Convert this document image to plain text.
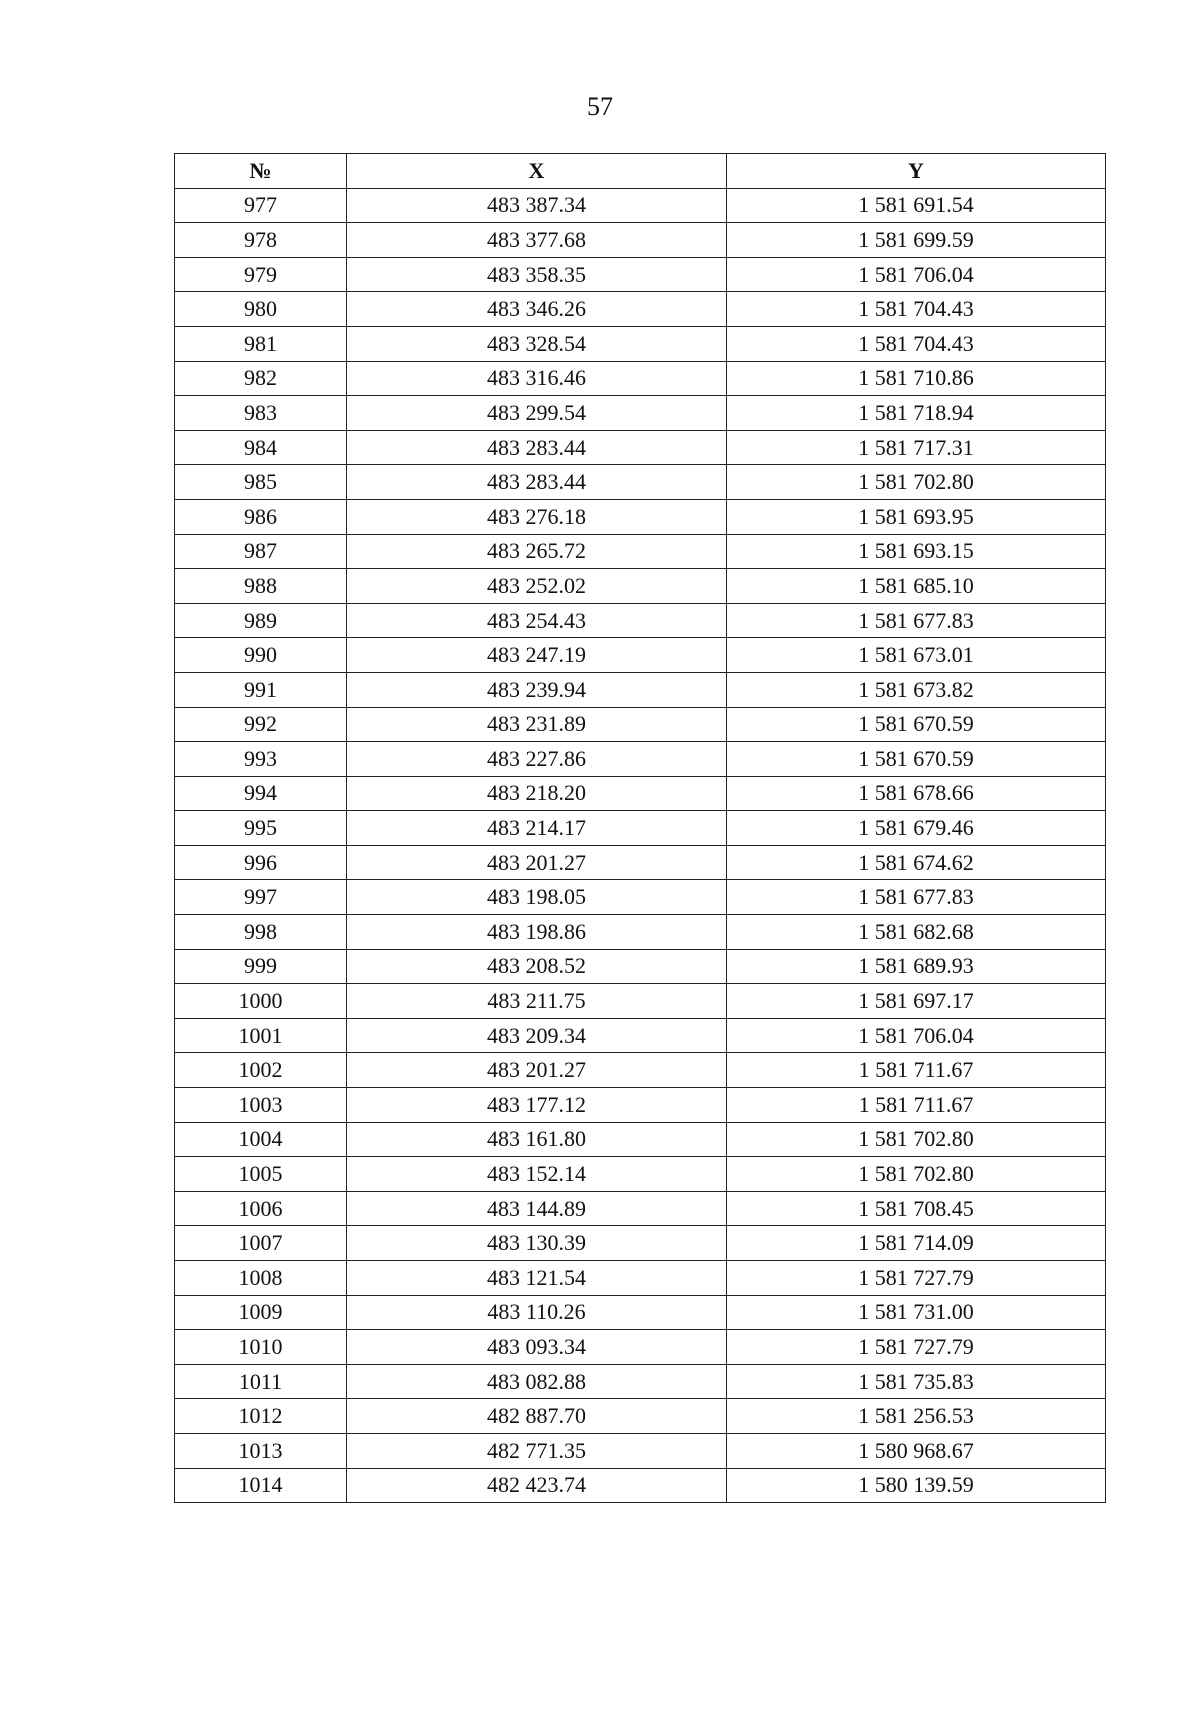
57
№	X	Y
977	483 387.34	1 581 691.54
978	483 377.68	1 581 699.59
979	483 358.35	1 581 706.04
980	483 346.26	1 581 704.43
981	483 328.54	1 581 704.43
982	483 316.46	1 581 710.86
983	483 299.54	1 581 718.94
984	483 283.44	1 581 717.31
985	483 283.44	1 581 702.80
986	483 276.18	1 581 693.95
987	483 265.72	1 581 693.15
988	483 252.02	1 581 685.10
989	483 254.43	1 581 677.83
990	483 247.19	1 581 673.01
991	483 239.94	1 581 673.82
992	483 231.89	1 581 670.59
993	483 227.86	1 581 670.59
994	483 218.20	1 581 678.66
995	483 214.17	1 581 679.46
996	483 201.27	1 581 674.62
997	483 198.05	1 581 677.83
998	483 198.86	1 581 682.68
999	483 208.52	1 581 689.93
1000	483 211.75	1 581 697.17
1001	483 209.34	1 581 706.04
1002	483 201.27	1 581 711.67
1003	483 177.12	1 581 711.67
1004	483 161.80	1 581 702.80
1005	483 152.14	1 581 702.80
1006	483 144.89	1 581 708.45
1007	483 130.39	1 581 714.09
1008	483 121.54	1 581 727.79
1009	483 110.26	1 581 731.00
1010	483 093.34	1 581 727.79
1011	483 082.88	1 581 735.83
1012	482 887.70	1 581 256.53
1013	482 771.35	1 580 968.67
1014	482 423.74	1 580 139.59
